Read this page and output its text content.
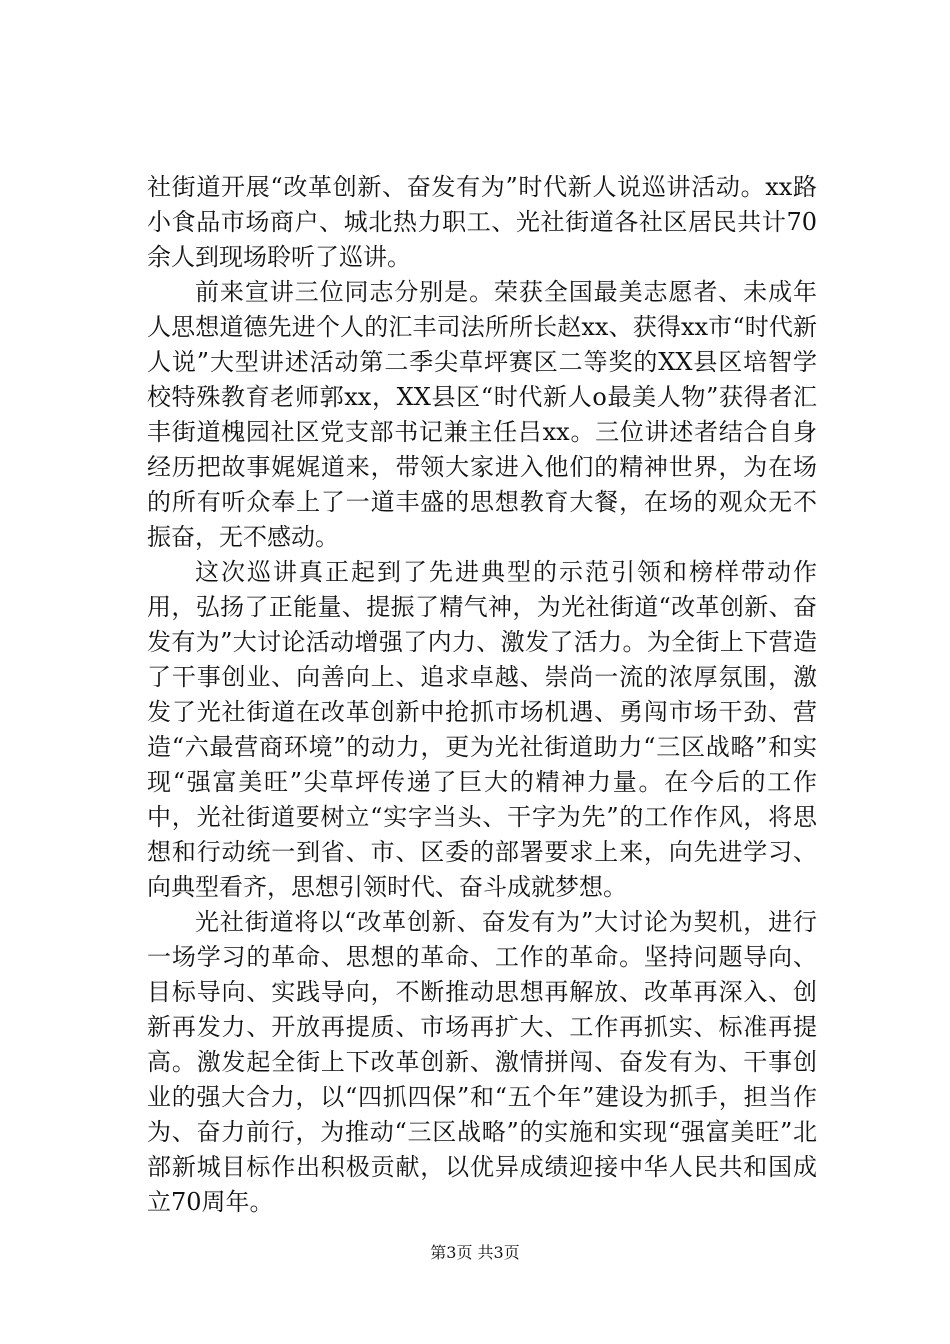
社街道开展“改革创新、奋发有为”时代新人说巡讲活动。xx路小食品市场商户、城北热力职工、光社街道各社区居民共计70余人到现场聆听了巡讲。

前来宣讲三位同志分别是。荣获全国最美志愿者、未成年人思想道德先进个人的汇丰司法所所长赵xx、获得xx市“时代新人说”大型讲述活动第二季尖草坪赛区二等奖的XX县区培智学校特殊教育老师郭xx，XX县区“时代新人o最美人物”获得者汇丰街道槐园社区党支部书记兼主任吕xx。三位讲述者结合自身经历把故事娓娓道来，带领大家进入他们的精神世界，为在场的所有听众奉上了一道丰盛的思想教育大餐，在场的观众无不振奋，无不感动。

这次巡讲真正起到了先进典型的示范引领和榜样带动作用，弘扬了正能量、提振了精气神，为光社街道“改革创新、奋发有为”大讨论活动增强了内力、激发了活力。为全街上下营造了干事创业、向善向上、追求卓越、崇尚一流的浓厚氛围，激发了光社街道在改革创新中抢抓市场机遇、勇闯市场干劲、营造“六最营商环境”的动力，更为光社街道助力“三区战略”和实现“强富美旺”尖草坪传递了巨大的精神力量。在今后的工作中，光社街道要树立“实字当头、干字为先”的工作作风，将思想和行动统一到省、市、区委的部署要求上来，向先进学习、向典型看齐，思想引领时代、奋斗成就梦想。

光社街道将以“改革创新、奋发有为”大讨论为契机，进行一场学习的革命、思想的革命、工作的革命。坚持问题导向、目标导向、实践导向，不断推动思想再解放、改革再深入、创新再发力、开放再提质、市场再扩大、工作再抓实、标准再提高。激发起全街上下改革创新、激情拼闯、奋发有为、干事创业的强大合力，以“四抓四保”和“五个年”建设为抓手，担当作为、奋力前行，为推动“三区战略”的实施和实现“强富美旺”北部新城目标作出积极贡献，以优异成绩迎接中华人民共和国成立70周年。

第3页 共3页
